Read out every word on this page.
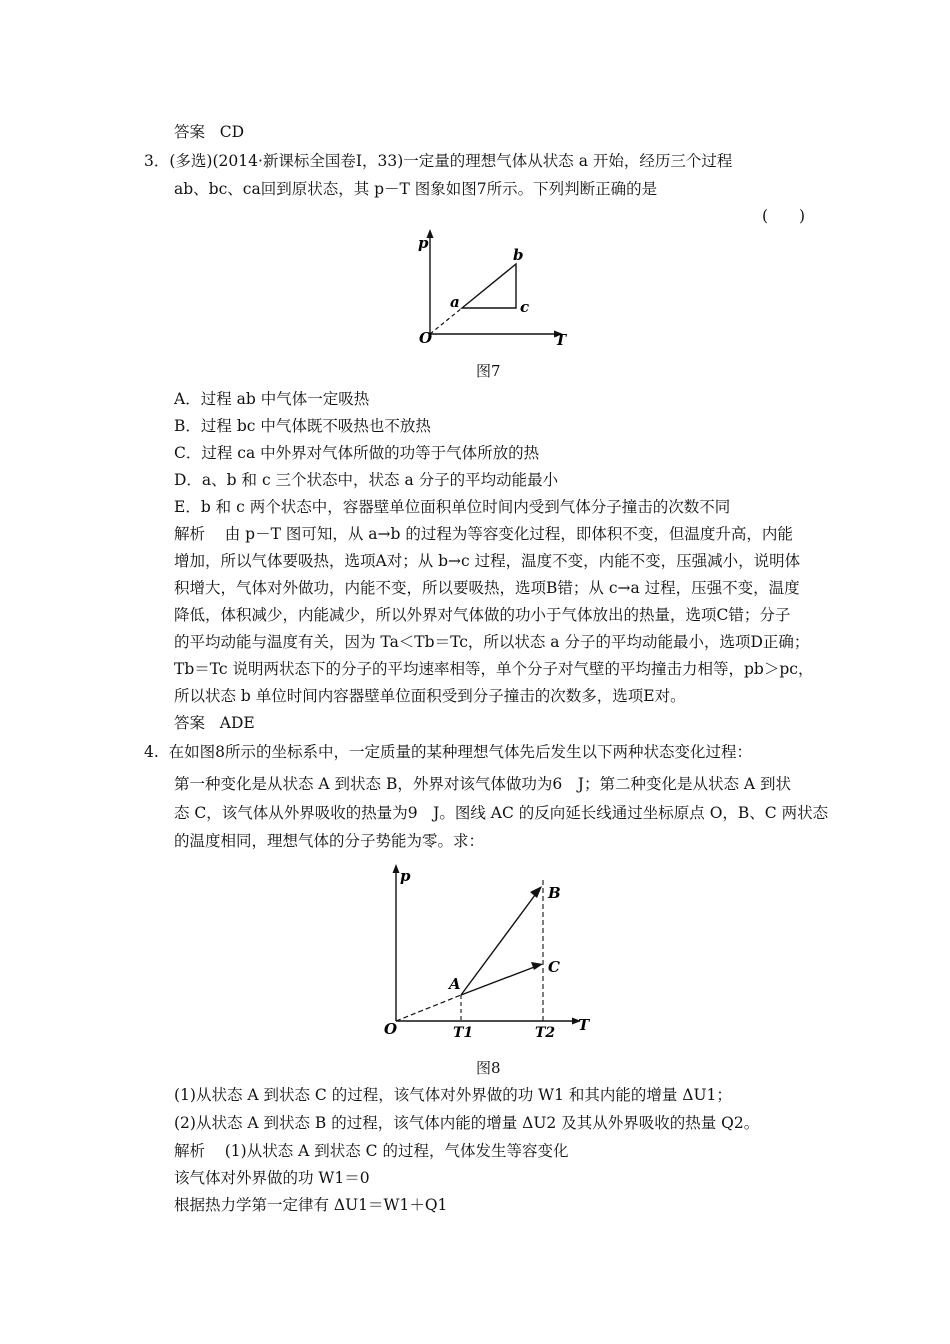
答案 CD
3．(多选)(2014·新课标全国卷Ⅰ，33)一定量的理想气体从状态 a 开始，经历三个过程
ab、bc、ca回到原状态，其 p－T 图象如图7所示。下列判断正确的是
(　　)
p
T
O
a
b
c
图7
A．过程 ab 中气体一定吸热
B．过程 bc 中气体既不吸热也不放热
C．过程 ca 中外界对气体所做的功等于气体所放的热
D．a、b 和 c 三个状态中，状态 a 分子的平均动能最小
E．b 和 c 两个状态中，容器壁单位面积单位时间内受到气体分子撞击的次数不同
解析 由 p－T 图可知，从 a→b 的过程为等容变化过程，即体积不变，但温度升高，内能
增加，所以气体要吸热，选项A对；从 b→c 过程，温度不变，内能不变，压强减小，说明体
积增大，气体对外做功，内能不变，所以要吸热，选项B错；从 c→a 过程，压强不变，温度
降低，体积减少，内能减少，所以外界对气体做的功小于气体放出的热量，选项C错；分子
的平均动能与温度有关，因为 Ta＜Tb＝Tc，所以状态 a 分子的平均动能最小，选项D正确；
Tb＝Tc 说明两状态下的分子的平均速率相等，单个分子对气壁的平均撞击力相等，pb＞pc，
所以状态 b 单位时间内容器壁单位面积受到分子撞击的次数多，选项E对。
答案 ADE
4. 在如图8所示的坐标系中，一定质量的某种理想气体先后发生以下两种状态变化过程：
第一种变化是从状态 A 到状态 B，外界对该气体做功为6　J；第二种变化是从状态 A 到状
态 C，该气体从外界吸收的热量为9　J。图线 AC 的反向延长线通过坐标原点 O，B、C 两状态
的温度相同，理想气体的分子势能为零。求：
p
T
O
A
B
C
T1	T2
图8
(1)从状态 A 到状态 C 的过程，该气体对外界做的功 W1 和其内能的增量 ΔU1；
(2)从状态 A 到状态 B 的过程，该气体内能的增量 ΔU2 及其从外界吸收的热量 Q2。
解析 (1)从状态 A 到状态 C 的过程，气体发生等容变化
该气体对外界做的功 W1＝0
根据热力学第一定律有 ΔU1＝W1＋Q1
